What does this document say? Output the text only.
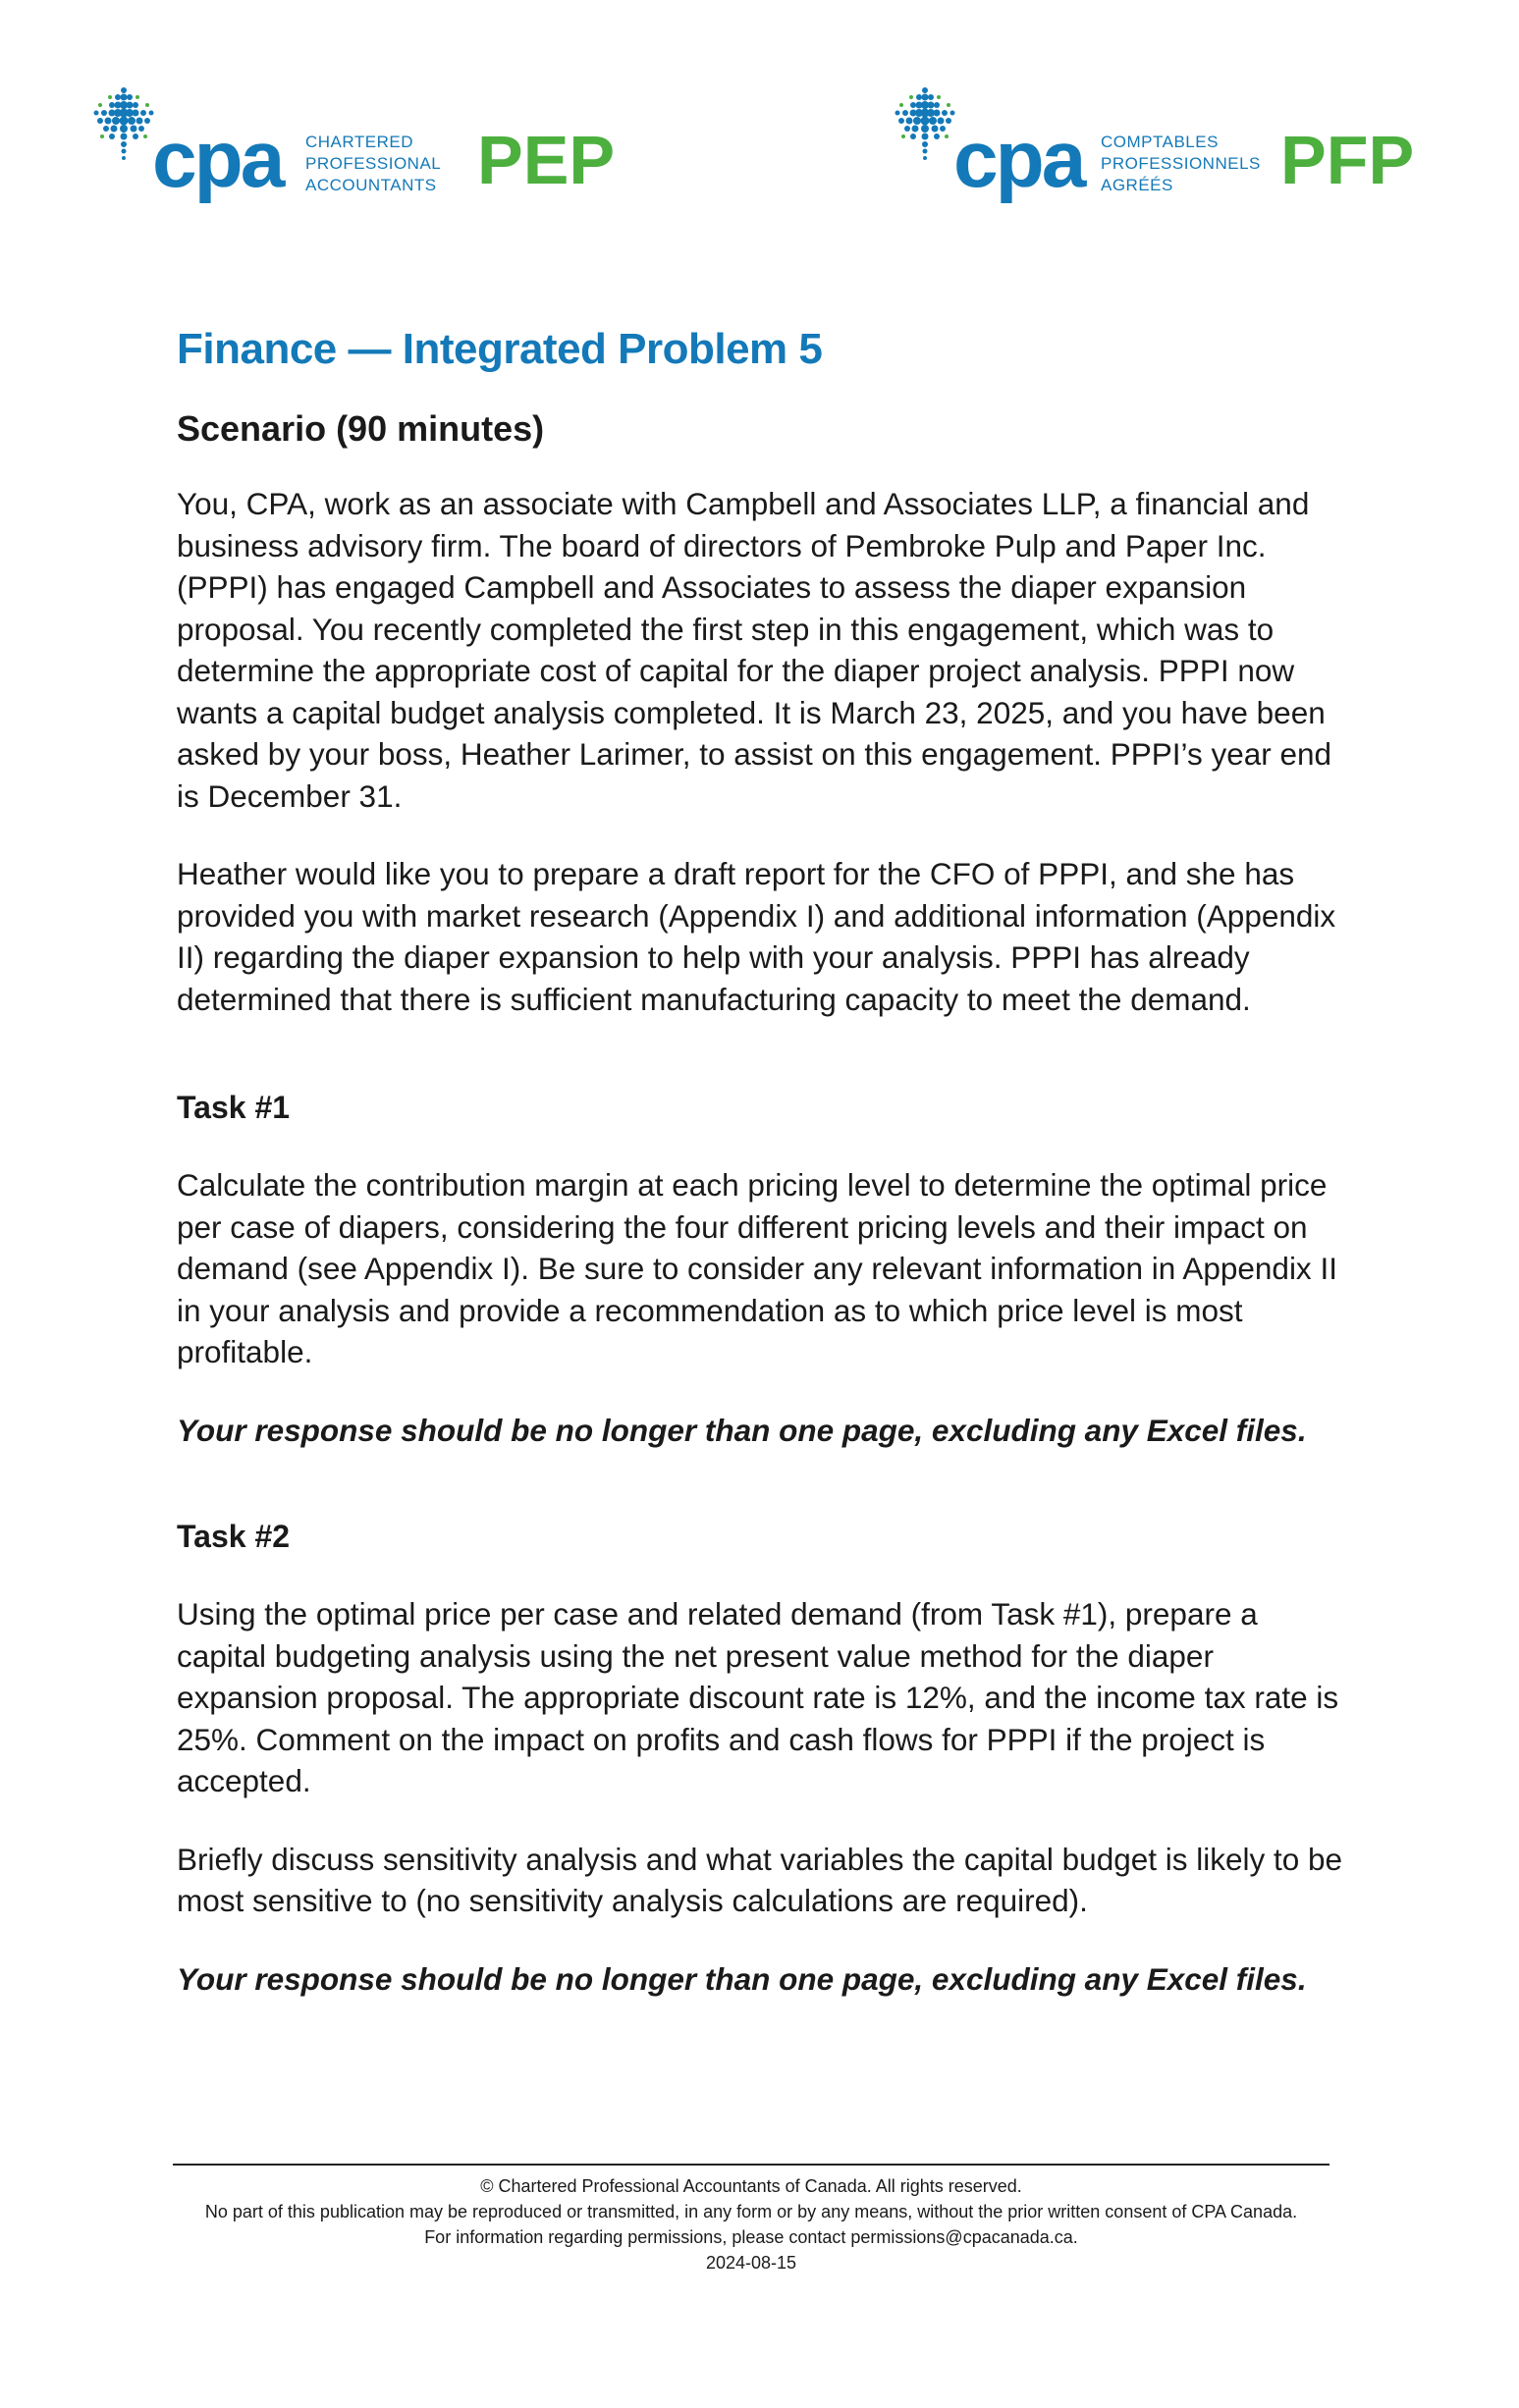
cpa CHARTERED
PROFESSIONAL
ACCOUNTANTS PEP	cpa COMPTABLES
PROFESSIONNELS
AGRÉÉS	PFP
Finance — Integrated Problem 5
Scenario (90 minutes)

You, CPA, work as an associate with Campbell and Associates LLP, a financial and business advisory firm. The board of directors of Pembroke Pulp and Paper Inc. (PPPI) has engaged Campbell and Associates to assess the diaper expansion proposal. You recently completed the first step in this engagement, which was to determine the appropriate cost of capital for the diaper project analysis. PPPI now wants a capital budget analysis completed. It is March 23, 2025, and you have been asked by your boss, Heather Larimer, to assist on this engagement. PPPI’s year end is December 31.

Heather would like you to prepare a draft report for the CFO of PPPI, and she has provided you with market research (Appendix I) and additional information (Appendix II) regarding the diaper expansion to help with your analysis. PPPI has already determined that there is sufficient manufacturing capacity to meet the demand.

Task #1

Calculate the contribution margin at each pricing level to determine the optimal price per case of diapers, considering the four different pricing levels and their impact on demand (see Appendix I). Be sure to consider any relevant information in Appendix II in your analysis and provide a recommendation as to which price level is most profitable.

Your response should be no longer than one page, excluding any Excel files.

Task #2

Using the optimal price per case and related demand (from Task #1), prepare a capital budgeting analysis using the net present value method for the diaper expansion proposal. The appropriate discount rate is 12%, and the income tax rate is 25%. Comment on the impact on profits and cash flows for PPPI if the project is accepted.

Briefly discuss sensitivity analysis and what variables the capital budget is likely to be most sensitive to (no sensitivity analysis calculations are required).

Your response should be no longer than one page, excluding any Excel files.

© Chartered Professional Accountants of Canada. All rights reserved.
No part of this publication may be reproduced or transmitted, in any form or by any means, without the prior written consent of CPA Canada.
For information regarding permissions, please contact permissions@cpacanada.ca.
2024-08-15
